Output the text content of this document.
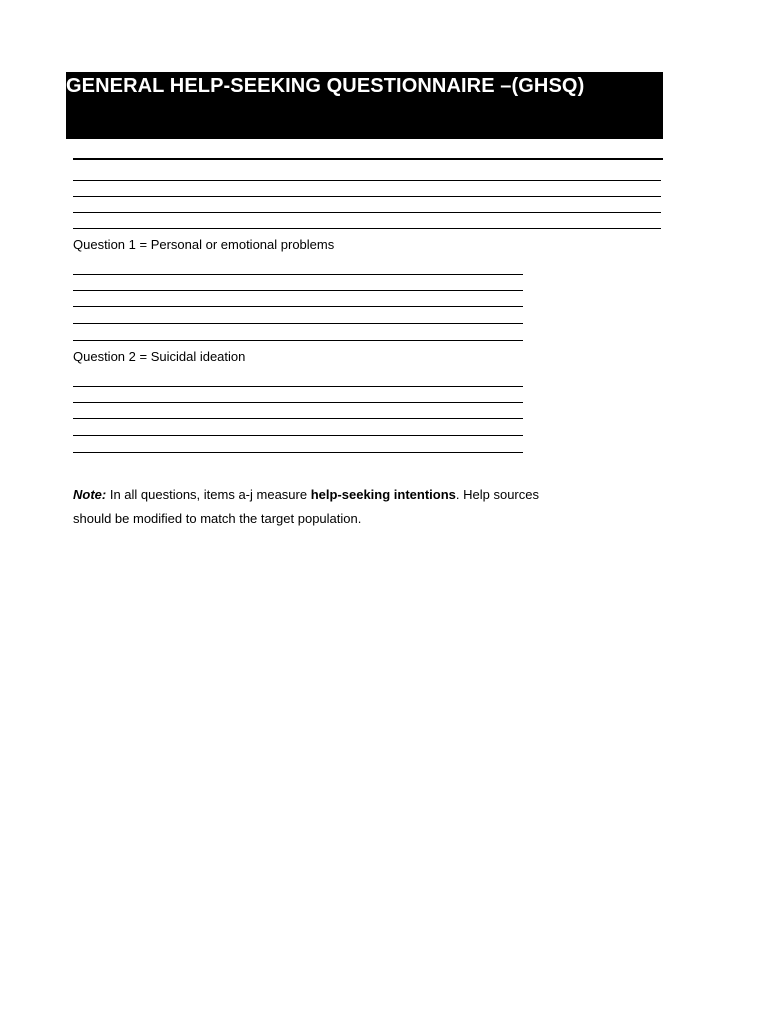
GENERAL HELP-SEEKING QUESTIONNAIRE –(GHSQ)
Question 1 = Personal or emotional problems
Question 2 = Suicidal ideation
Note: In all questions, items a-j measure help-seeking intentions. Help sources should be modified to match the target population.
